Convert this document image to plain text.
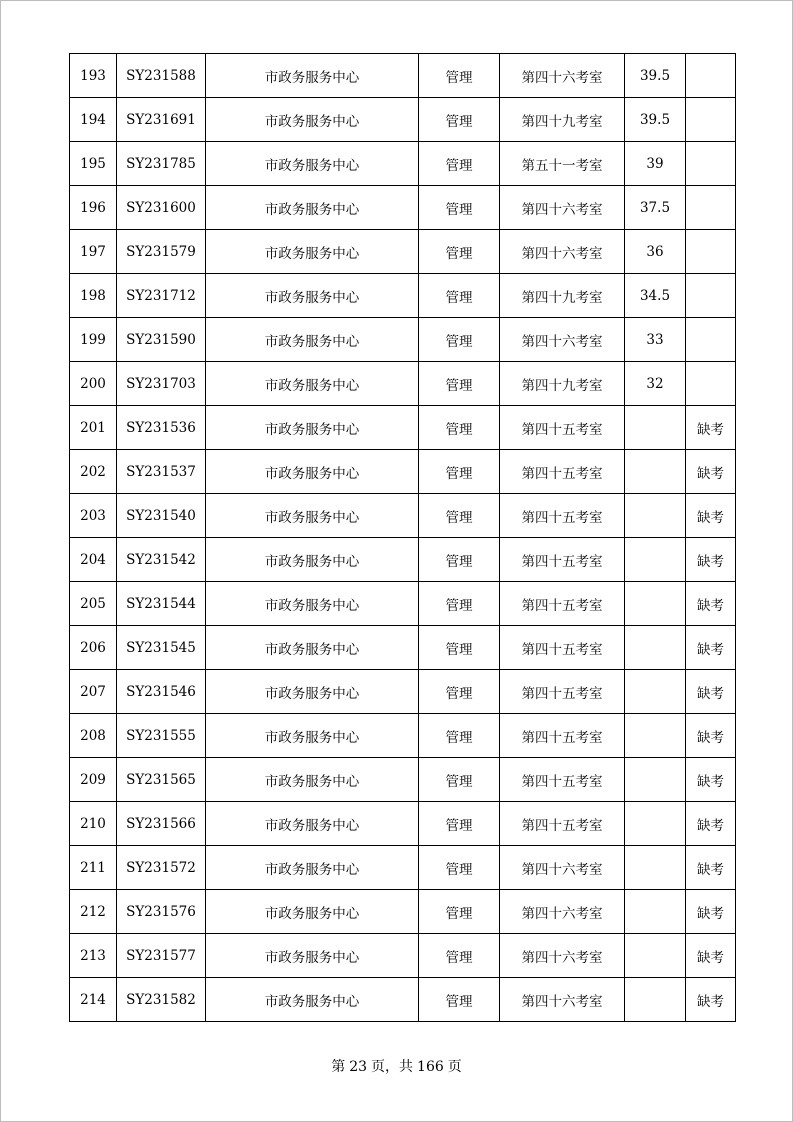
193	SY231588	市政务服务中心	管理	第四十六考室	39.5	
194	SY231691	市政务服务中心	管理	第四十九考室	39.5	
195	SY231785	市政务服务中心	管理	第五十一考室	39	
196	SY231600	市政务服务中心	管理	第四十六考室	37.5	
197	SY231579	市政务服务中心	管理	第四十六考室	36	
198	SY231712	市政务服务中心	管理	第四十九考室	34.5	
199	SY231590	市政务服务中心	管理	第四十六考室	33	
200	SY231703	市政务服务中心	管理	第四十九考室	32	
201	SY231536	市政务服务中心	管理	第四十五考室		缺考
202	SY231537	市政务服务中心	管理	第四十五考室		缺考
203	SY231540	市政务服务中心	管理	第四十五考室		缺考
204	SY231542	市政务服务中心	管理	第四十五考室		缺考
205	SY231544	市政务服务中心	管理	第四十五考室		缺考
206	SY231545	市政务服务中心	管理	第四十五考室		缺考
207	SY231546	市政务服务中心	管理	第四十五考室		缺考
208	SY231555	市政务服务中心	管理	第四十五考室		缺考
209	SY231565	市政务服务中心	管理	第四十五考室		缺考
210	SY231566	市政务服务中心	管理	第四十五考室		缺考
211	SY231572	市政务服务中心	管理	第四十六考室		缺考
212	SY231576	市政务服务中心	管理	第四十六考室		缺考
213	SY231577	市政务服务中心	管理	第四十六考室		缺考
214	SY231582	市政务服务中心	管理	第四十六考室		缺考
第 23 页，共 166 页
